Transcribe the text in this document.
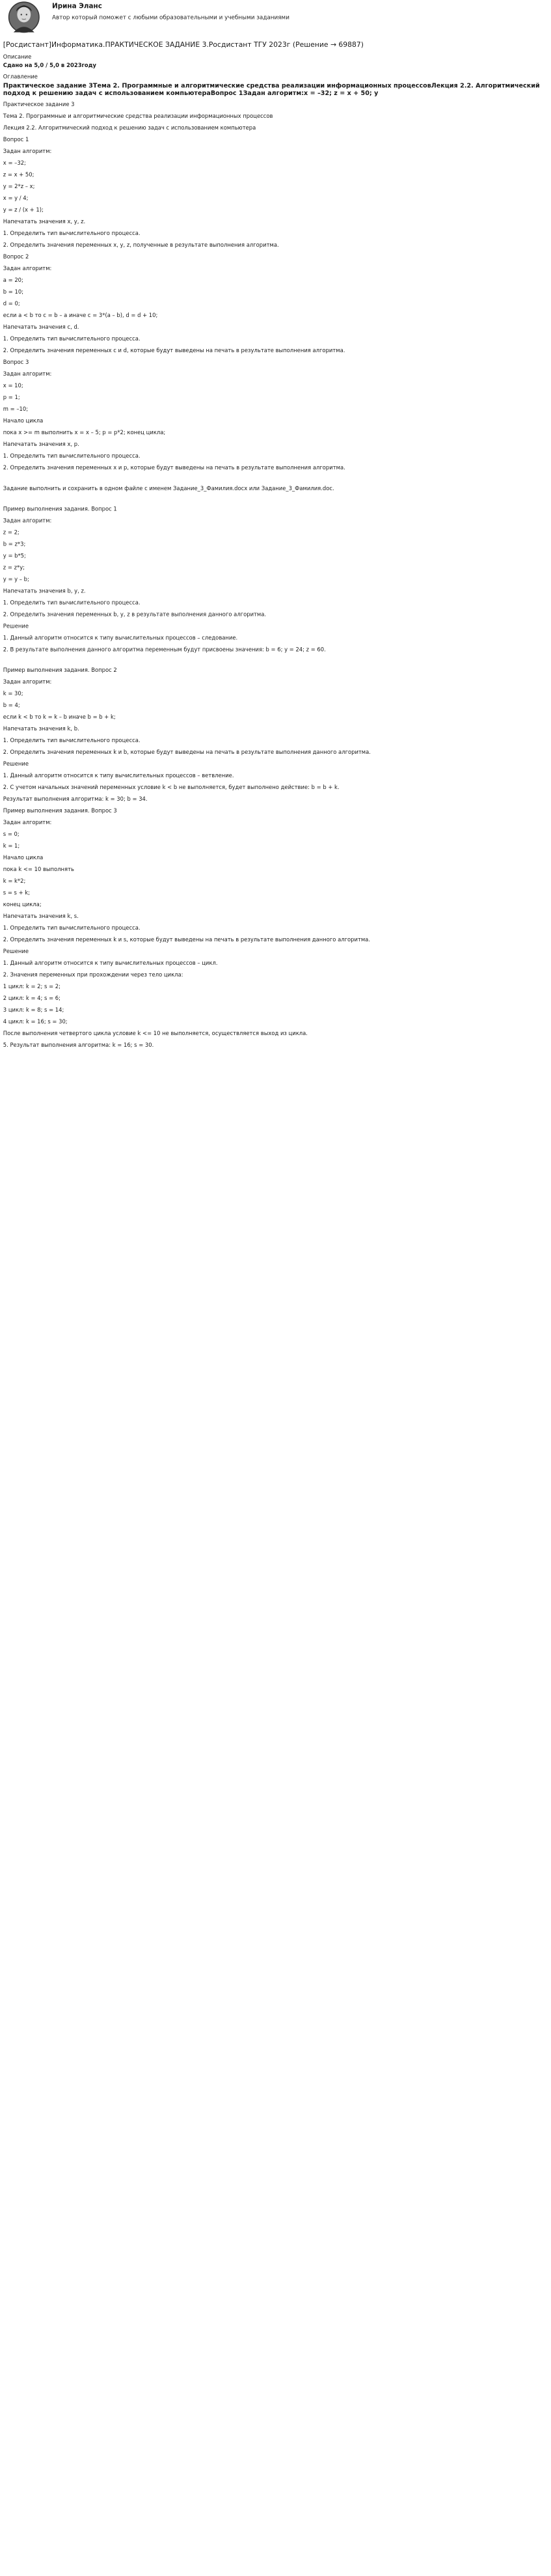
Ирина Эланс
Автор который поможет с любыми образовательными и учебными заданиями
[Росдистант]Информатика.ПРАКТИЧЕСКОЕ ЗАДАНИЕ 3.Росдистант ТГУ 2023г (Решение → 69887)
Описание
Сдано на 5,0 / 5,0 в 2023году
Оглавление
Практическое задание 3Тема 2. Программные и алгоритмические средства реализации информационных процессовЛекция 2.2. Алгоритмический подход к решению задач с использованием компьютераВопрос 1Задан алгоритм:x = –32; z = x + 50; y

Практическое задание 3

Тема 2. Программные и алгоритмические средства реализации информационных процессов

Лекция 2.2. Алгоритмический подход к решению задач с использованием компьютера

Вопрос 1

Задан алгоритм:

x = –32;

z = x + 50;

y = 2*z – x;

x = y / 4;

y = z / (x + 1);

Напечатать значения x, y, z.

1. Определить тип вычислительного процесса.

2. Определить значения переменных x, y, z, полученные в результате выполнения алгоритма.

Вопрос 2

Задан алгоритм:

a = 20;

b = 10;

d = 0;

если a < b то c = b – a иначе c = 3*(a – b), d = d + 10;

Напечатать значения c, d.

1. Определить тип вычислительного процесса.

2. Определить значения переменных c и d, которые будут выведены на печать в результате выполнения алгоритма.

Вопрос 3

Задан алгоритм:

x = 10;

p = 1;

m = –10;

Начало цикла

пока x >= m выполнить x = x – 5; p = p*2; конец цикла;

Напечатать значения x, p.

1. Определить тип вычислительного процесса.

2. Определить значения переменных x и p, которые будут выведены на печать в результате выполнения алгоритма.

Задание выполнить и сохранить в одном файле с именем Задание_3_Фамилия.docx или Задание_3_Фамилия.doc.

Пример выполнения задания. Вопрос 1

Задан алгоритм:

z = 2;

b = z*3;

y = b*5;

z = z*y;

y = y – b;

Напечатать значения b, y, z.

1. Определить тип вычислительного процесса.

2. Определить значения переменных b, y, z в результате выполнения данного алгоритма.

Решение

1. Данный алгоритм относится к типу вычислительных процессов – следование.

2. В результате выполнения данного алгоритма переменным будут присвоены значения: b = 6; y = 24; z = 60.

Пример выполнения задания. Вопрос 2

Задан алгоритм:

k = 30;

b = 4;

если k < b то k = k – b иначе b = b + k;

Напечатать значения k, b.

1. Определить тип вычислительного процесса.

2. Определить значения переменных k и b, которые будут выведены на печать в результате выполнения данного алгоритма.

Решение

1. Данный алгоритм относится к типу вычислительных процессов – ветвление.

2. С учетом начальных значений переменных условие k < b не выполняется, будет выполнено действие: b = b + k.

Результат выполнения алгоритма: k = 30; b = 34.

Пример выполнения задания. Вопрос 3

Задан алгоритм:

s = 0;

k = 1;

Начало цикла

пока k <= 10 выполнять

k = k*2;

s = s + k;

конец цикла;

Напечатать значения k, s.

1. Определить тип вычислительного процесса.

2. Определить значения переменных k и s, которые будут выведены на печать в результате выполнения данного алгоритма.

Решение

1. Данный алгоритм относится к типу вычислительных процессов – цикл.

2. Значения переменных при прохождении через тело цикла:

1 цикл: k = 2; s = 2;

2 цикл: k = 4; s = 6;

3 цикл: k = 8; s = 14;

4 цикл: k = 16; s = 30;

После выполнения четвертого цикла условие k <= 10 не выполняется, осуществляется выход из цикла.

5. Результат выполнения алгоритма: k = 16; s = 30.
